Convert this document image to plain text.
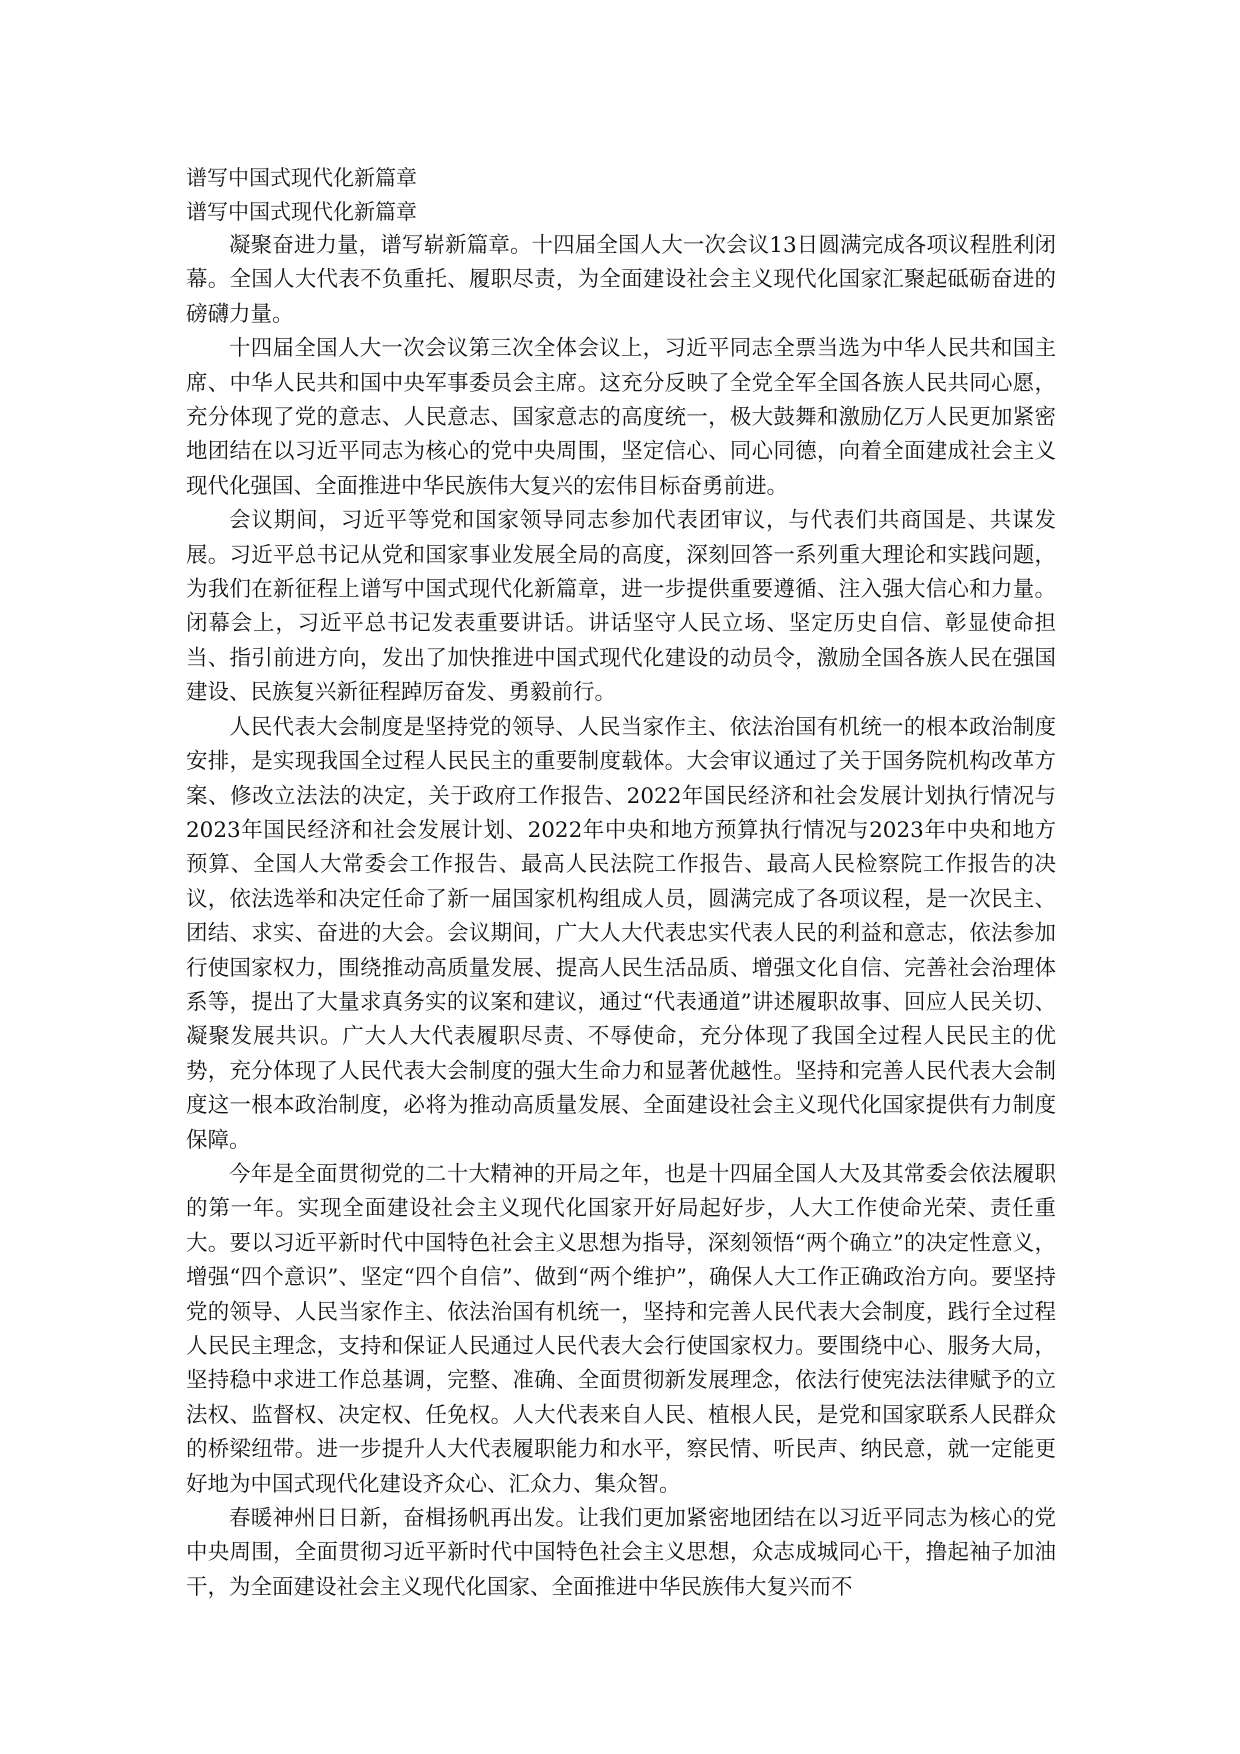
谱写中国式现代化新篇章

谱写中国式现代化新篇章

凝聚奋进力量，谱写崭新篇章。十四届全国人大一次会议13日圆满完成各项议程胜利闭幕。全国人大代表不负重托、履职尽责，为全面建设社会主义现代化国家汇聚起砥砺奋进的磅礴力量。

十四届全国人大一次会议第三次全体会议上，习近平同志全票当选为中华人民共和国主席、中华人民共和国中央军事委员会主席。这充分反映了全党全军全国各族人民共同心愿，充分体现了党的意志、人民意志、国家意志的高度统一，极大鼓舞和激励亿万人民更加紧密地团结在以习近平同志为核心的党中央周围，坚定信心、同心同德，向着全面建成社会主义现代化强国、全面推进中华民族伟大复兴的宏伟目标奋勇前进。

会议期间，习近平等党和国家领导同志参加代表团审议，与代表们共商国是、共谋发展。习近平总书记从党和国家事业发展全局的高度，深刻回答一系列重大理论和实践问题，为我们在新征程上谱写中国式现代化新篇章，进一步提供重要遵循、注入强大信心和力量。闭幕会上，习近平总书记发表重要讲话。讲话坚守人民立场、坚定历史自信、彰显使命担当、指引前进方向，发出了加快推进中国式现代化建设的动员令，激励全国各族人民在强国建设、民族复兴新征程踔厉奋发、勇毅前行。

人民代表大会制度是坚持党的领导、人民当家作主、依法治国有机统一的根本政治制度安排，是实现我国全过程人民民主的重要制度载体。大会审议通过了关于国务院机构改革方案、修改立法法的决定，关于政府工作报告、2022年国民经济和社会发展计划执行情况与2023年国民经济和社会发展计划、2022年中央和地方预算执行情况与2023年中央和地方预算、全国人大常委会工作报告、最高人民法院工作报告、最高人民检察院工作报告的决议，依法选举和决定任命了新一届国家机构组成人员，圆满完成了各项议程，是一次民主、团结、求实、奋进的大会。会议期间，广大人大代表忠实代表人民的利益和意志，依法参加行使国家权力，围绕推动高质量发展、提高人民生活品质、增强文化自信、完善社会治理体系等，提出了大量求真务实的议案和建议，通过“代表通道”讲述履职故事、回应人民关切、凝聚发展共识。广大人大代表履职尽责、不辱使命，充分体现了我国全过程人民民主的优势，充分体现了人民代表大会制度的强大生命力和显著优越性。坚持和完善人民代表大会制度这一根本政治制度，必将为推动高质量发展、全面建设社会主义现代化国家提供有力制度保障。

今年是全面贯彻党的二十大精神的开局之年，也是十四届全国人大及其常委会依法履职的第一年。实现全面建设社会主义现代化国家开好局起好步，人大工作使命光荣、责任重大。要以习近平新时代中国特色社会主义思想为指导，深刻领悟“两个确立”的决定性意义，增强“四个意识”、坚定“四个自信”、做到“两个维护”，确保人大工作正确政治方向。要坚持党的领导、人民当家作主、依法治国有机统一，坚持和完善人民代表大会制度，践行全过程人民民主理念，支持和保证人民通过人民代表大会行使国家权力。要围绕中心、服务大局，坚持稳中求进工作总基调，完整、准确、全面贯彻新发展理念，依法行使宪法法律赋予的立法权、监督权、决定权、任免权。人大代表来自人民、植根人民，是党和国家联系人民群众的桥梁纽带。进一步提升人大代表履职能力和水平，察民情、听民声、纳民意，就一定能更好地为中国式现代化建设齐众心、汇众力、集众智。

春暖神州日日新，奋楫扬帆再出发。让我们更加紧密地团结在以习近平同志为核心的党中央周围，全面贯彻习近平新时代中国特色社会主义思想，众志成城同心干，撸起袖子加油干，为全面建设社会主义现代化国家、全面推进中华民族伟大复兴而不
